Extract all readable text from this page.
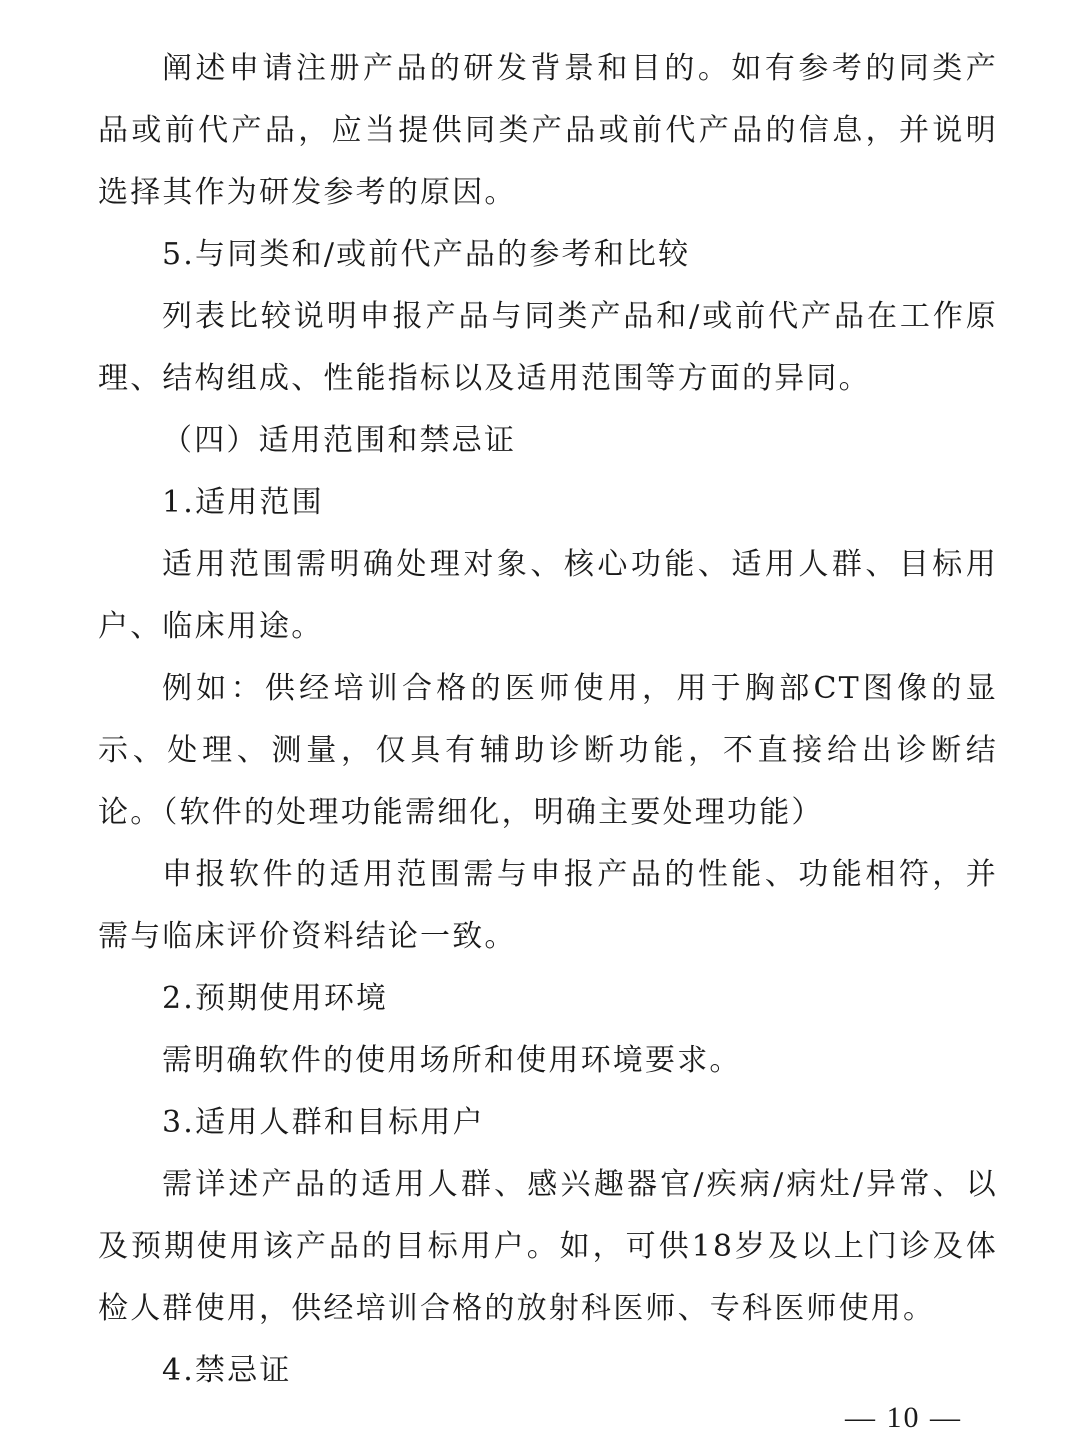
阐述申请注册产品的研发背景和目的。如有参考的同类产品或前代产品，应当提供同类产品或前代产品的信息，并说明选择其作为研发参考的原因。

5.与同类和/或前代产品的参考和比较

列表比较说明申报产品与同类产品和/或前代产品在工作原理、结构组成、性能指标以及适用范围等方面的异同。

（四）适用范围和禁忌证

1.适用范围

适用范围需明确处理对象、核心功能、适用人群、目标用户、临床用途。

例如：供经培训合格的医师使用，用于胸部CT图像的显示、处理、测量，仅具有辅助诊断功能，不直接给出诊断结论。（软件的处理功能需细化，明确主要处理功能）

申报软件的适用范围需与申报产品的性能、功能相符，并需与临床评价资料结论一致。

2.预期使用环境

需明确软件的使用场所和使用环境要求。

3.适用人群和目标用户

需详述产品的适用人群、感兴趣器官/疾病/病灶/异常、以及预期使用该产品的目标用户。如，可供18岁及以上门诊及体检人群使用，供经培训合格的放射科医师、专科医师使用。

4.禁忌证

— 10 —
